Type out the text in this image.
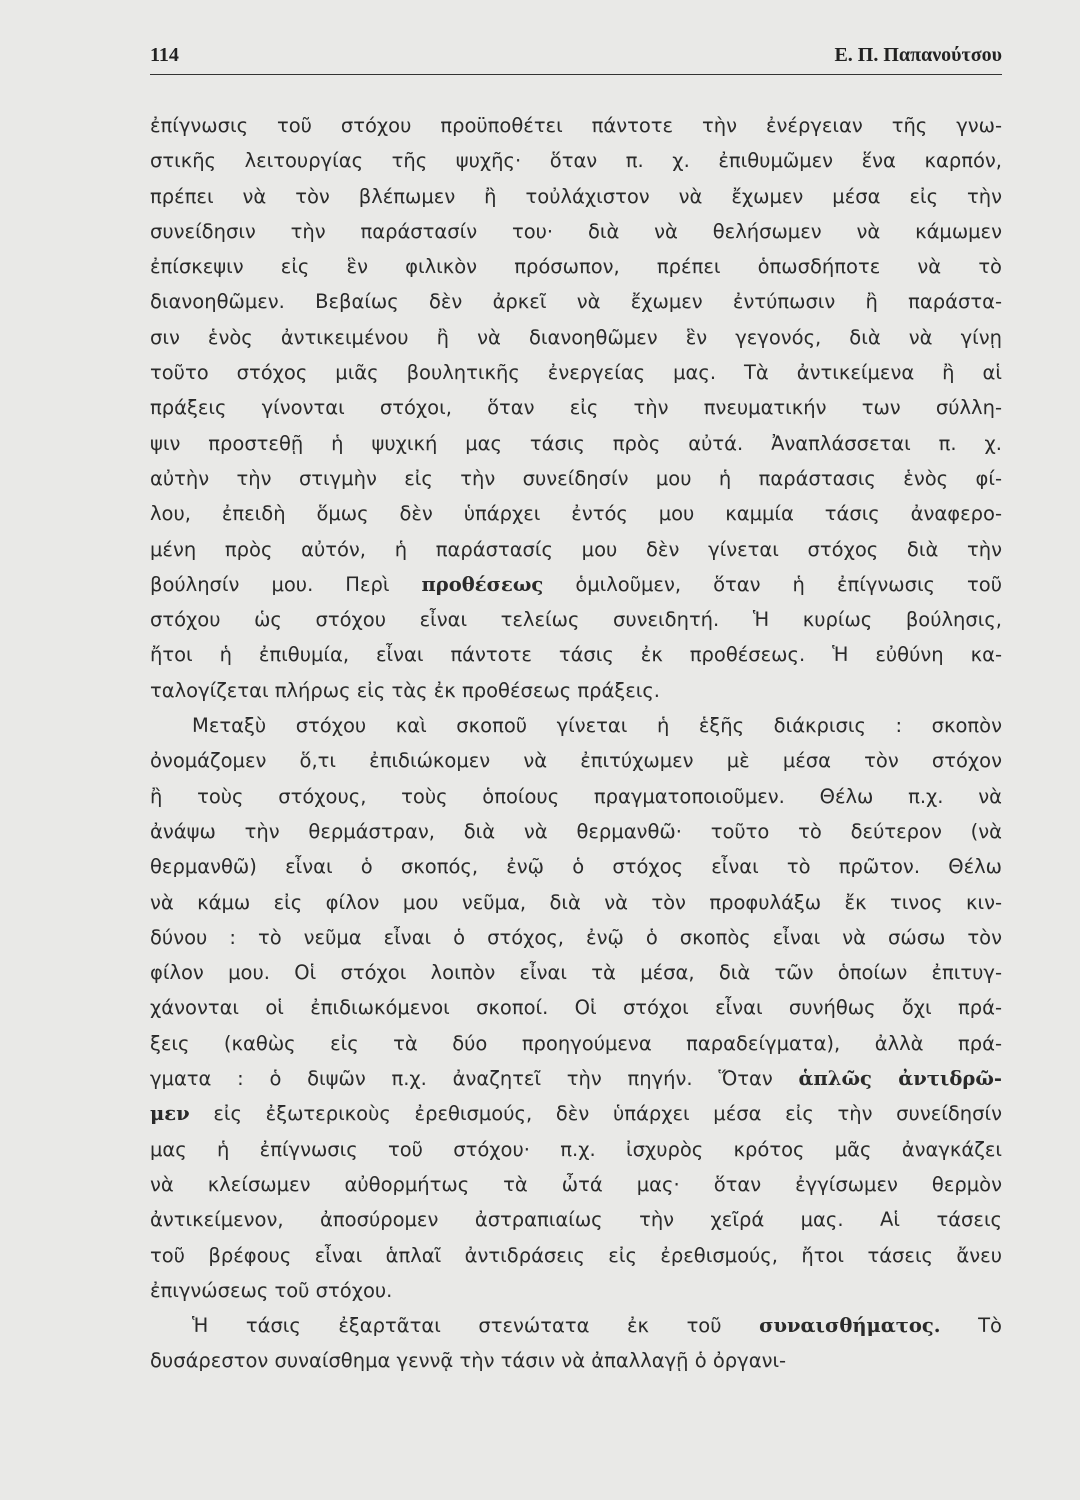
114	Ε. Π. Παπανούτσου
ἐπίγνωσις τοῦ στόχου προϋποθέτει πάντοτε τὴν ἐνέργειαν τῆς γνω-
στικῆς λειτουργίας τῆς ψυχῆς· ὅταν π. χ. ἐπιθυμῶμεν ἕνα καρπόν,
πρέπει νὰ τὸν βλέπωμεν ἢ τοὐλάχιστον νὰ ἔχωμεν μέσα εἰς τὴν
συνείδησιν τὴν παράστασίν του· διὰ νὰ θελήσωμεν νὰ κάμωμεν
ἐπίσκεψιν εἰς ἓν φιλικὸν πρόσωπον, πρέπει ὁπωσδήποτε νὰ τὸ
διανοηθῶμεν. Βεβαίως δὲν ἀρκεῖ νὰ ἔχωμεν ἐντύπωσιν ἢ παράστα-
σιν ἑνὸς ἀντικειμένου ἢ νὰ διανοηθῶμεν ἓν γεγονός, διὰ νὰ γίνῃ
τοῦτο στόχος μιᾶς βουλητικῆς ἐνεργείας μας. Τὰ ἀντικείμενα ἢ αἱ
πράξεις γίνονται στόχοι, ὅταν εἰς τὴν πνευματικήν των σύλλη-
ψιν προστεθῇ ἡ ψυχική μας τάσις πρὸς αὐτά. Ἀναπλάσσεται π. χ.
αὐτὴν τὴν στιγμὴν εἰς τὴν συνείδησίν μου ἡ παράστασις ἑνὸς φί-
λου, ἐπειδὴ ὅμως δὲν ὑπάρχει ἐντός μου καμμία τάσις ἀναφερο-
μένη πρὸς αὐτόν, ἡ παράστασίς μου δὲν γίνεται στόχος διὰ τὴν
βούλησίν μου. Περὶ προθέσεως ὁμιλοῦμεν, ὅταν ἡ ἐπίγνωσις τοῦ
στόχου ὡς στόχου εἶναι τελείως συνειδητή. Ἡ κυρίως βούλησις,
ἤτοι ἡ ἐπιθυμία, εἶναι πάντοτε τάσις ἐκ προθέσεως. Ἡ εὐθύνη κα-
ταλογίζεται πλήρως εἰς τὰς ἐκ προθέσεως πράξεις.
Μεταξὺ στόχου καὶ σκοποῦ γίνεται ἡ ἑξῆς διάκρισις : σκοπὸν
ὀνομάζομεν ὅ,τι ἐπιδιώκομεν νὰ ἐπιτύχωμεν μὲ μέσα τὸν στόχον
ἢ τοὺς στόχους, τοὺς ὁποίους πραγματοποιοῦμεν. Θέλω π.χ. νὰ
ἀνάψω τὴν θερμάστραν, διὰ νὰ θερμανθῶ· τοῦτο τὸ δεύτερον (νὰ
θερμανθῶ) εἶναι ὁ σκοπός, ἐνῷ ὁ στόχος εἶναι τὸ πρῶτον. Θέλω
νὰ κάμω εἰς φίλον μου νεῦμα, διὰ νὰ τὸν προφυλάξω ἔκ τινος κιν-
δύνου : τὸ νεῦμα εἶναι ὁ στόχος, ἐνῷ ὁ σκοπὸς εἶναι νὰ σώσω τὸν
φίλον μου. Οἱ στόχοι λοιπὸν εἶναι τὰ μέσα, διὰ τῶν ὁποίων ἐπιτυγ-
χάνονται οἱ ἐπιδιωκόμενοι σκοποί. Οἱ στόχοι εἶναι συνήθως ὄχι πρά-
ξεις (καθὼς εἰς τὰ δύο προηγούμενα παραδείγματα), ἀλλὰ πρά-
γματα : ὁ διψῶν π.χ. ἀναζητεῖ τὴν πηγήν. Ὅταν ἁπλῶς ἀντιδρῶ-
μεν εἰς ἐξωτερικοὺς ἐρεθισμούς, δὲν ὑπάρχει μέσα εἰς τὴν συνείδησίν
μας ἡ ἐπίγνωσις τοῦ στόχου· π.χ. ἰσχυρὸς κρότος μᾶς ἀναγκάζει
νὰ κλείσωμεν αὐθορμήτως τὰ ὦτά μας· ὅταν ἐγγίσωμεν θερμὸν
ἀντικείμενον, ἀποσύρομεν ἀστραπιαίως τὴν χεῖρά μας. Αἱ τάσεις
τοῦ βρέφους εἶναι ἁπλαῖ ἀντιδράσεις εἰς ἐρεθισμούς, ἤτοι τάσεις ἄνευ
ἐπιγνώσεως τοῦ στόχου.
Ἡ τάσις ἐξαρτᾶται στενώτατα ἐκ τοῦ συναισθήματος. Τὸ
δυσάρεστον συναίσθημα γεννᾷ τὴν τάσιν νὰ ἀπαλλαγῇ ὁ ὀργανι-
